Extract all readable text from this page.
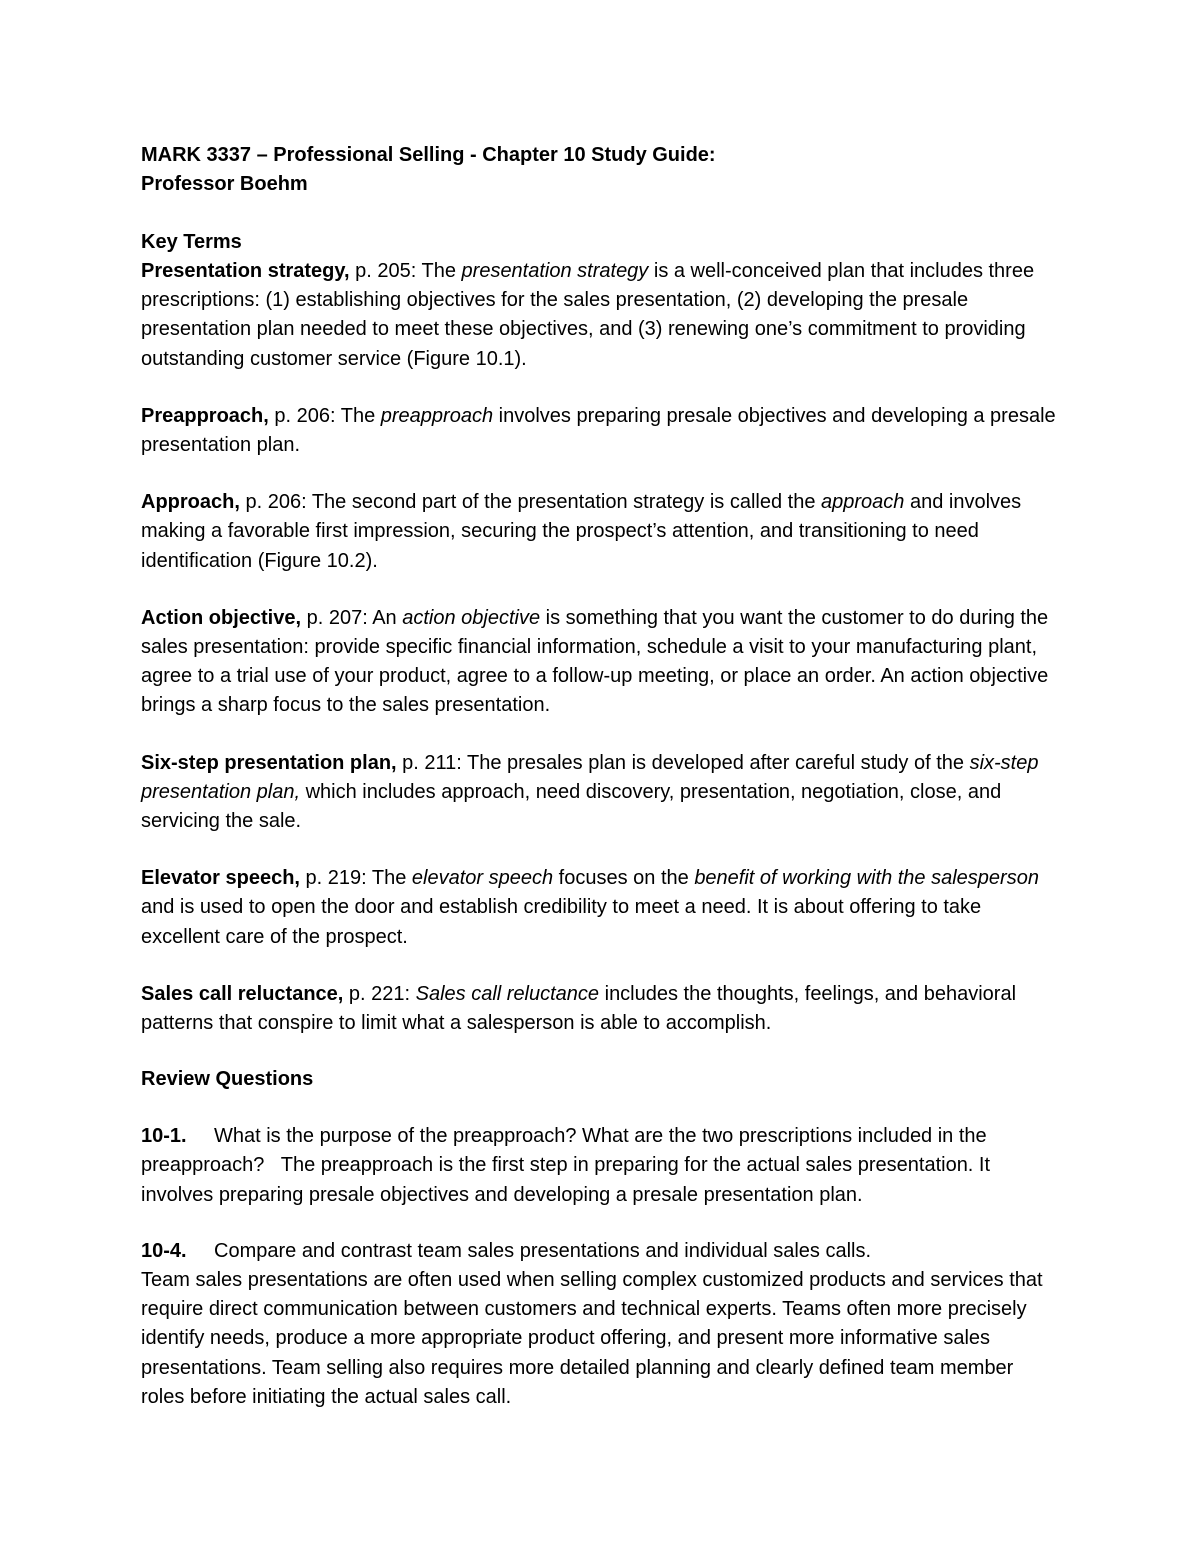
MARK 3337 – Professional Selling - Chapter 10 Study Guide:

Professor Boehm

Key Terms

Presentation strategy, p. 205: The presentation strategy is a well-conceived plan that includes three prescriptions: (1) establishing objectives for the sales presentation, (2) developing the presale presentation plan needed to meet these objectives, and (3) renewing one’s commitment to providing outstanding customer service (Figure 10.1).

Preapproach, p. 206: The preapproach involves preparing presale objectives and developing a presale presentation plan.

Approach, p. 206: The second part of the presentation strategy is called the approach and involves making a favorable first impression, securing the prospect’s attention, and transitioning to need identification (Figure 10.2).

Action objective, p. 207: An action objective is something that you want the customer to do during the sales presentation: provide specific financial information, schedule a visit to your manufacturing plant, agree to a trial use of your product, agree to a follow-up meeting, or place an order. An action objective brings a sharp focus to the sales presentation.

Six-step presentation plan, p. 211: The presales plan is developed after careful study of the six-step presentation plan, which includes approach, need discovery, presentation, negotiation, close, and servicing the sale.

Elevator speech, p. 219: The elevator speech focuses on the benefit of working with the salesperson and is used to open the door and establish credibility to meet a need. It is about offering to take excellent care of the prospect.

Sales call reluctance, p. 221: Sales call reluctance includes the thoughts, feelings, and behavioral patterns that conspire to limit what a salesperson is able to accomplish.

Review Questions

10-1. What is the purpose of the preapproach? What are the two prescriptions included in the preapproach? The preapproach is the first step in preparing for the actual sales presentation. It involves preparing presale objectives and developing a presale presentation plan.

10-4. Compare and contrast team sales presentations and individual sales calls.

Team sales presentations are often used when selling complex customized products and services that require direct communication between customers and technical experts. Teams often more precisely identify needs, produce a more appropriate product offering, and present more informative sales presentations. Team selling also requires more detailed planning and clearly defined team member roles before initiating the actual sales call.
